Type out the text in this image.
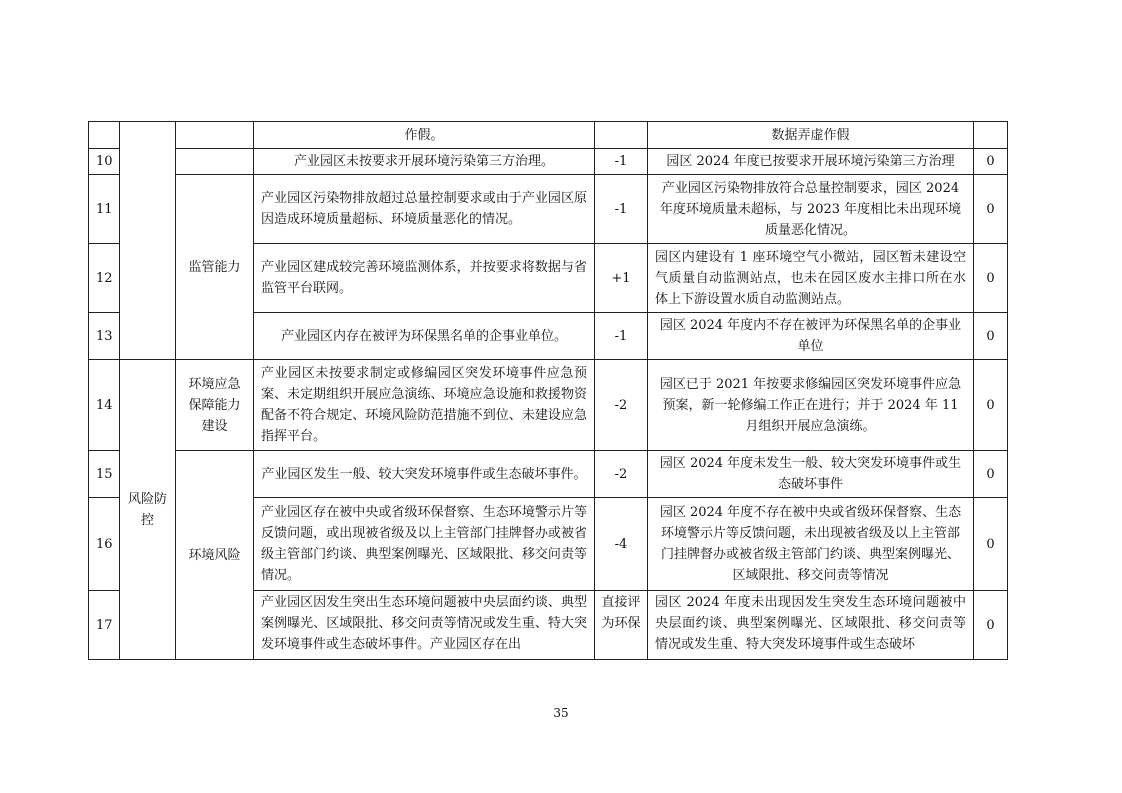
			作假。		数据弄虚作假	
10			产业园区未按要求开展环境污染第三方治理。	-1	园区 2024 年度已按要求开展环境污染第三方治理	0
11		监管能力	产业园区污染物排放超过总量控制要求或由于产业园区原因造成环境质量超标、环境质量恶化的情况。	-1	产业园区污染物排放符合总量控制要求，园区 2024 年度环境质量未超标，与 2023 年度相比未出现环境质量恶化情况。	0
12			产业园区建成较完善环境监测体系，并按要求将数据与省监管平台联网。	+1	园区内建设有 1 座环境空气小微站，园区暂未建设空气质量自动监测站点，也未在园区废水主排口所在水体上下游设置水质自动监测站点。	0
13			产业园区内存在被评为环保黑名单的企事业单位。	-1	园区 2024 年度内不存在被评为环保黑名单的企事业单位	0
14	风险防控	环境应急保障能力建设	产业园区未按要求制定或修编园区突发环境事件应急预案、未定期组织开展应急演练、环境应急设施和救援物资配备不符合规定、环境风险防范措施不到位、未建设应急指挥平台。	-2	园区已于 2021 年按要求修编园区突发环境事件应急预案，新一轮修编工作正在进行；并于 2024 年 11 月组织开展应急演练。	0
15		环境风险	产业园区发生一般、较大突发环境事件或生态破坏事件。	-2	园区 2024 年度未发生一般、较大突发环境事件或生态破坏事件	0
16			产业园区存在被中央或省级环保督察、生态环境警示片等反馈问题，或出现被省级及以上主管部门挂牌督办或被省级主管部门约谈、典型案例曝光、区域限批、移交问责等情况。	-4	园区 2024 年度不存在被中央或省级环保督察、生态环境警示片等反馈问题，未出现被省级及以上主管部门挂牌督办或被省级主管部门约谈、典型案例曝光、区域限批、移交问责等情况	0
17			产业园区因发生突出生态环境问题被中央层面约谈、典型案例曝光、区域限批、移交问责等情况或发生重、特大突发环境事件或生态破坏事件。产业园区存在出	直接评为环保	园区 2024 年度未出现因发生突发生态环境问题被中央层面约谈、典型案例曝光、区域限批、移交问责等情况或发生重、特大突发环境事件或生态破坏	0
35
